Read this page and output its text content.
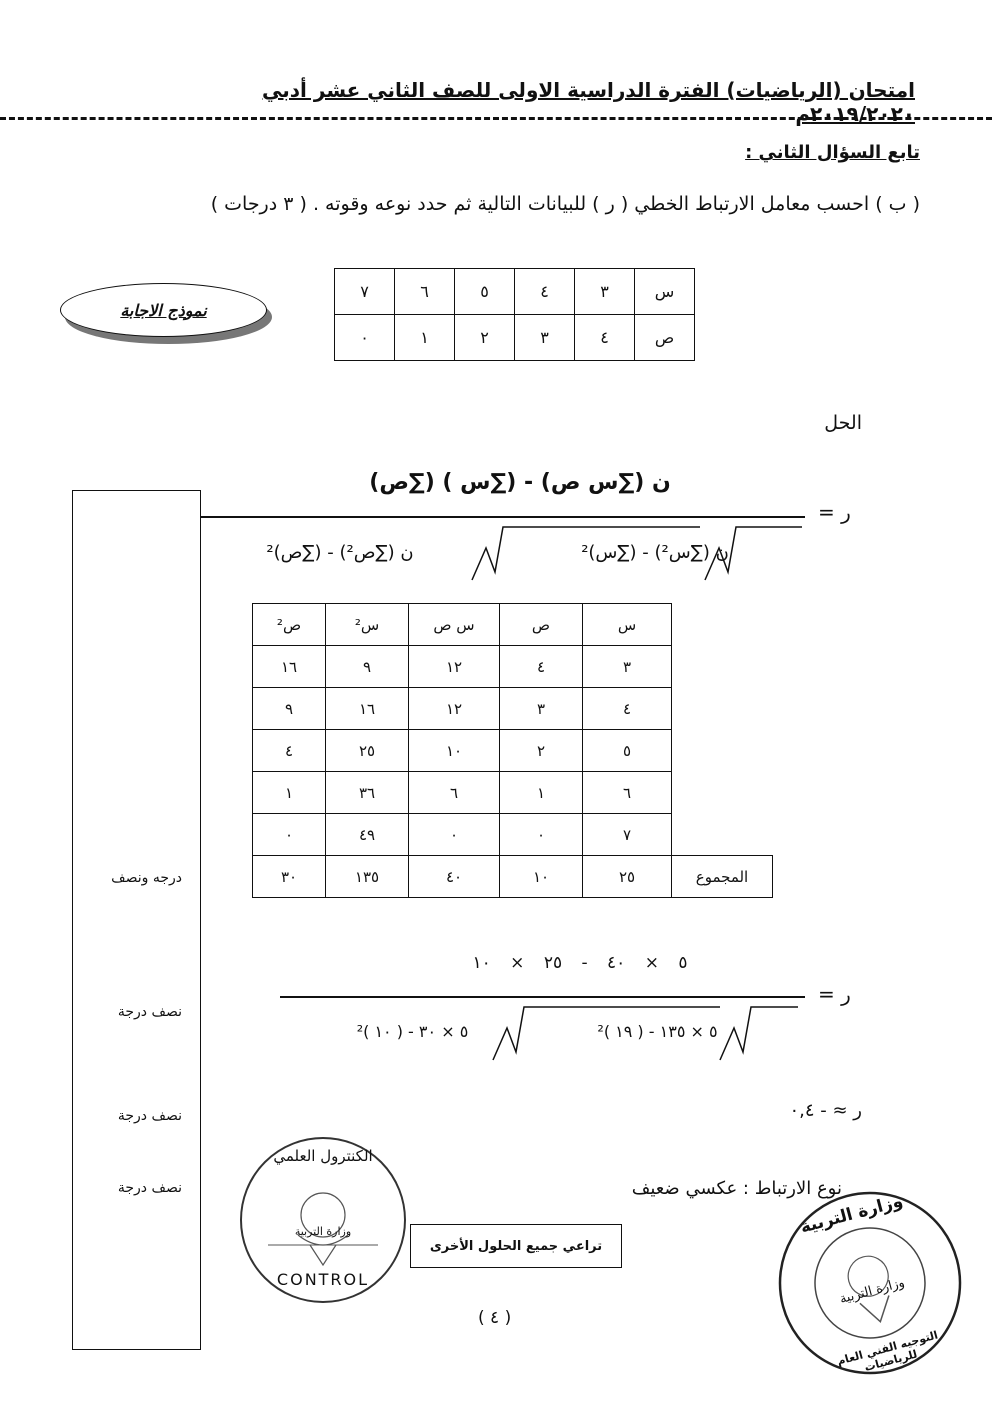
امتحان (الرياضيات) الفترة الدراسية الاولى للصف الثاني عشر أدبي ٢٠١٩/٢٠٢٠م
تابع السؤال الثاني :
( ب ) احسب معامل الارتباط الخطي ( ر ) للبيانات التالية ثم حدد نوعه وقوته . ( ٣ درجات )
نموذج الاجابة
س	٣	٤	٥	٦	٧
ص	٤	٣	٢	١	٠
الحل
درجه ونصف
نصف درجة
نصف درجة
نصف درجة
ن (∑س ص) - (∑س ) (∑ص)
ر =
ن (∑س²) - (∑س)²
ن (∑ص²) - (∑ص)²
	س	ص	س ص	س²	ص²
	٣	٤	١٢	٩	١٦
	٤	٣	١٢	١٦	٩
	٥	٢	١٠	٢٥	٤
	٦	١	٦	٣٦	١
	٧	٠	٠	٤٩	٠
المجموع	٢٥	١٠	٤٠	١٣٥	٣٠
٥ × ٤٠ - ٢٥ × ١٠
ر =
٥ × ١٣٥ - ( ١٩ )²
٥ × ٣٠ - ( ١٠ )²
ر ≈ - ٠,٤
نوع الارتباط : عكسي ضعيف
تراعي جميع الحلول الأخرى
الكنترول العلمي
وزارة التربية
CONTROL
( ٤ )
وزارة التربية
وزارة التربية
التوجيه الفني العام للرياضيات
